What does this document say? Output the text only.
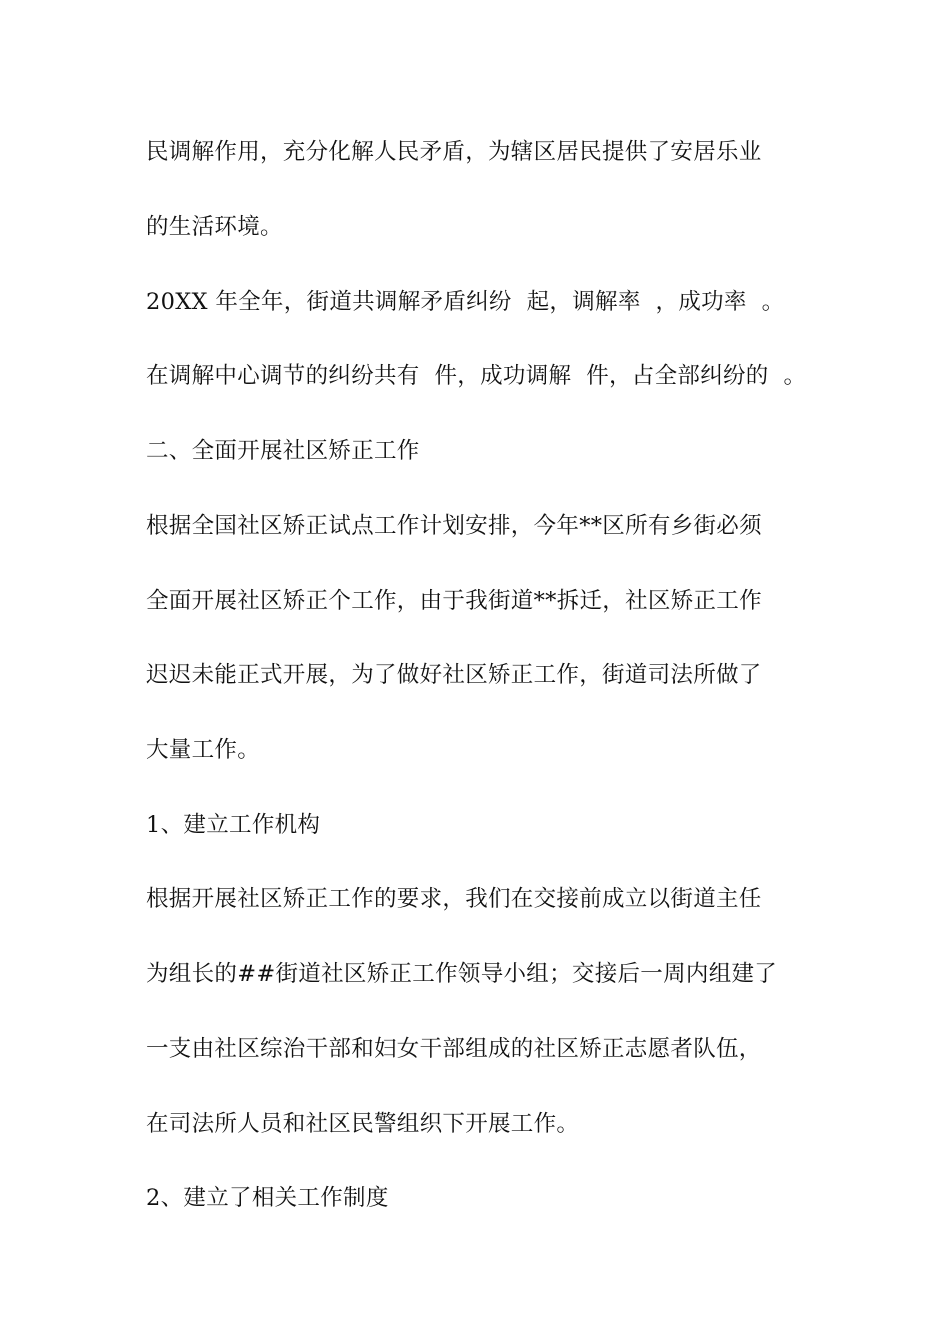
民调解作用，充分化解人民矛盾，为辖区居民提供了安居乐业

的生活环境。

20XX 年全年，街道共调解矛盾纠纷  起，调解率  ，成功率  。

在调解中心调节的纠纷共有  件，成功调解  件，占全部纠纷的  。

二、全面开展社区矫正工作

根据全国社区矫正试点工作计划安排，今年**区所有乡街必须

全面开展社区矫正个工作，由于我街道**拆迁，社区矫正工作

迟迟未能正式开展，为了做好社区矫正工作，街道司法所做了

大量工作。

1、建立工作机构

根据开展社区矫正工作的要求，我们在交接前成立以街道主任

为组长的##街道社区矫正工作领导小组；交接后一周内组建了

一支由社区综治干部和妇女干部组成的社区矫正志愿者队伍，

在司法所人员和社区民警组织下开展工作。

2、建立了相关工作制度
